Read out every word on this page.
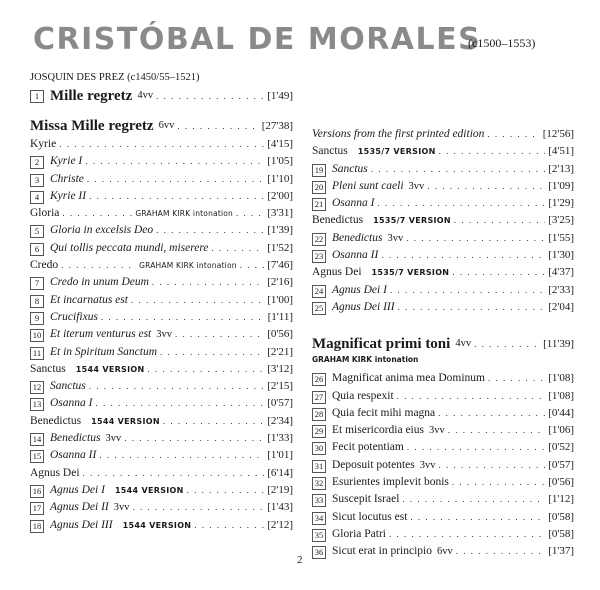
CRISTÓBAL DE MORALES
(c1500–1553)
JOSQUIN DES PREZ (c1450/55–1521)
1 Mille regretz 4vv . . .	[1'49]
Missa Mille regretz 6vv . . .	[27'38]
Kyrie . . .	[4'15]
2 Kyrie I . . .	[1'05]
3 Christe . . .	[1'10]
4 Kyrie II . . .	[2'00]
Gloria . . .	GRAHAM KIRK intonation . . .	[3'31]
5 Gloria in excelsis Deo . . .	[1'39]
6 Qui tollis peccata mundi, miserere . . .	[1'52]
Credo . . .	GRAHAM KIRK intonation . . .	[7'46]
7 Credo in unum Deum . . .	[2'16]
8 Et incarnatus est . . .	[1'00]
9 Crucifixus . . .	[1'11]
10 Et iterum venturus est 3vv . . .	[0'56]
11 Et in Spiritum Sanctum . . .	[2'21]
Sanctus 1544 VERSION . . .	[3'12]
12 Sanctus . . .	[2'15]
13 Osanna I . . .	[0'57]
Benedictus 1544 VERSION . . .	[2'34]
14 Benedictus 3vv . . .	[1'33]
15 Osanna II . . .	[1'01]
Agnus Dei . . .	[6'14]
16 Agnus Dei I 1544 VERSION . . .	[2'19]
17 Agnus Dei II 3vv . . .	[1'43]
18 Agnus Dei III 1544 VERSION . . .	[2'12]
Versions from the first printed edition . . .	[12'56]
Sanctus 1535/7 VERSION . . .	[4'51]
19 Sanctus . . .	[2'13]
20 Pleni sunt caeli 3vv . . .	[1'09]
21 Osanna I . . .	[1'29]
Benedictus 1535/7 VERSION . . .	[3'25]
22 Benedictus 3vv . . .	[1'55]
23 Osanna II . . .	[1'30]
Agnus Dei 1535/7 VERSION . . .	[4'37]
24 Agnus Dei I . . .	[2'33]
25 Agnus Dei III . . .	[2'04]
Magnificat primi toni 4vv . . .	[11'39]
GRAHAM KIRK intonation
26 Magnificat anima mea Dominum . . .	[1'08]
27 Quia respexit . . .	[1'08]
28 Quia fecit mihi magna . . .	[0'44]
29 Et misericordia eius 3vv . . .	[1'06]
30 Fecit potentiam . . .	[0'52]
31 Deposuit potentes 3vv . . .	[0'57]
32 Esurientes implevit bonis . . .	[0'56]
33 Suscepit Israel . . .	[1'12]
34 Sicut locutus est . . .	[0'58]
35 Gloria Patri . . .	[0'58]
36 Sicut erat in principio 6vv . . .	[1'37]
2
